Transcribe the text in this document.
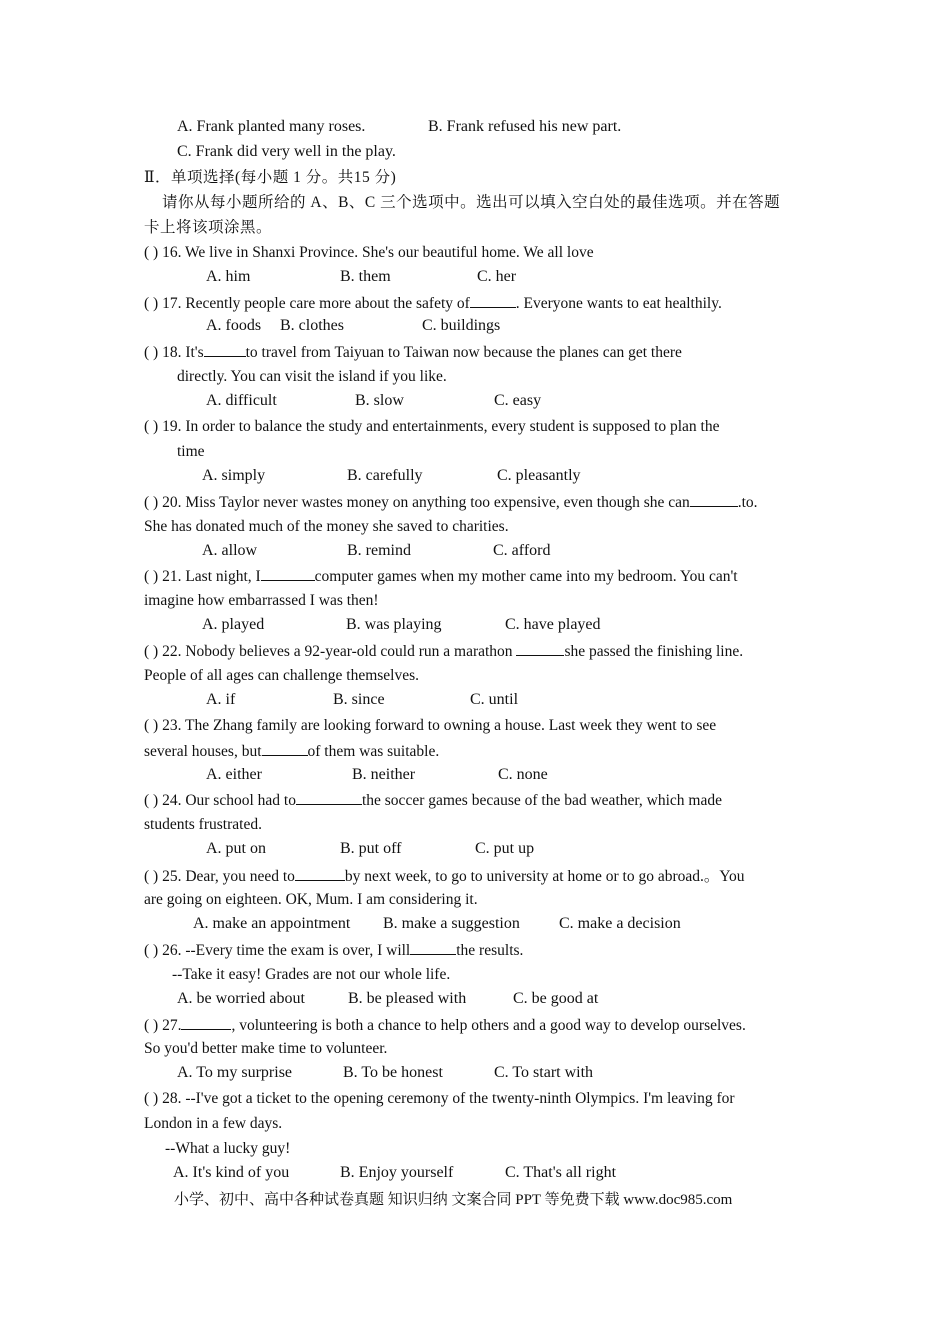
A. Frank planted many roses.	B. Frank refused his new part.
C. Frank did very well in the play.
Ⅱ．单项选择(每小题 1 分。共15 分)
请你从每小题所给的 A、B、C 三个选项中。选出可以填入空白处的最佳选项。并在答题
卡上将该项涂黑。
( ) 16. We live in Shanxi Province. She's our beautiful home. We all love
A. him	B. them	C. her
( ) 17. Recently people care more about the safety of	. Everyone wants to eat healthily.
A. foods B. clothes	C. buildings
( ) 18. It's	to travel from Taiyuan to Taiwan now because the planes can get there
directly. You can visit the island if you like.
A. difficult	B. slow	C. easy
( ) 19. In order to balance the study and entertainments, every student is supposed to plan the
time
A. simply	B. carefully	C. pleasantly
( ) 20. Miss Taylor never wastes money on anything too expensive, even though she can	.to.
She has donated much of the money she saved to charities.
A. allow	B. remind	C. afford
( ) 21. Last night, I	computer games when my mother came into my bedroom. You can't
imagine how embarrassed I was then!
A. played	B. was playing	C. have played
( ) 22. Nobody believes a 92-year-old could run a marathon	she passed the finishing line.
People of all ages can challenge themselves.
A. if	B. since	C. until
( ) 23. The Zhang family are looking forward to owning a house. Last week they went to see
several houses, but	of them was suitable.
A. either	B. neither	C. none
( ) 24. Our school had to	the soccer games because of the bad weather, which made
students frustrated.
A. put on	B. put off	C. put up
( ) 25. Dear, you need to	by next week, to go to university at home or to go abroad.。You
are going on eighteen. OK, Mum. I am considering it.
A. make an appointment B. make a suggestion C. make a decision
( ) 26. --Every time the exam is over, I will	the results.
--Take it easy! Grades are not our whole life.
A. be worried about	B. be pleased with	C. be good at
( ) 27.	, volunteering is both a chance to help others and a good way to develop ourselves.
So you'd better make time to volunteer.
A. To my surprise	B. To be honest	C. To start with
( ) 28. --I've got a ticket to the opening ceremony of the twenty-ninth Olympics. I'm leaving for
London in a few days.
--What a lucky guy!
A. It's kind of you	B. Enjoy yourself	C. That's all right
小学、初中、高中各种试卷真题 知识归纳 文案合同 PPT 等免费下载 www.doc985.com
